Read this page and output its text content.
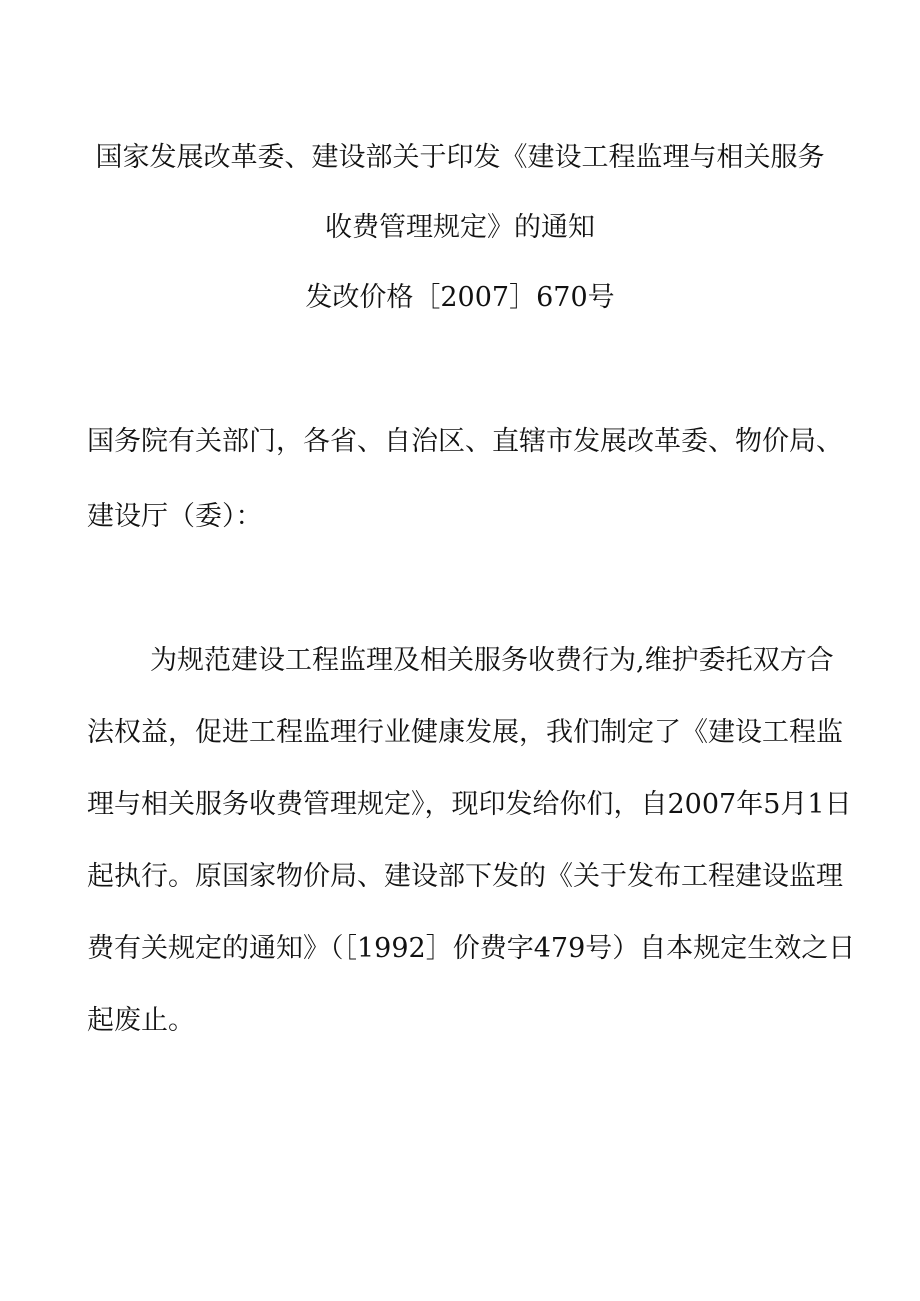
国家发展改革委、建设部关于印发《建设工程监理与相关服务
收费管理规定》的通知
发改价格［2007］670号
国务院有关部门，各省、自治区、直辖市发展改革委、物价局、
建设厅（委）：
为规范建设工程监理及相关服务收费行为,维护委托双方合
法权益，促进工程监理行业健康发展，我们制定了《建设工程监
理与相关服务收费管理规定》，现印发给你们，自2007年5月1日
起执行。原国家物价局、建设部下发的《关于发布工程建设监理
费有关规定的通知》（［1992］价费字479号）自本规定生效之日
起废止。
